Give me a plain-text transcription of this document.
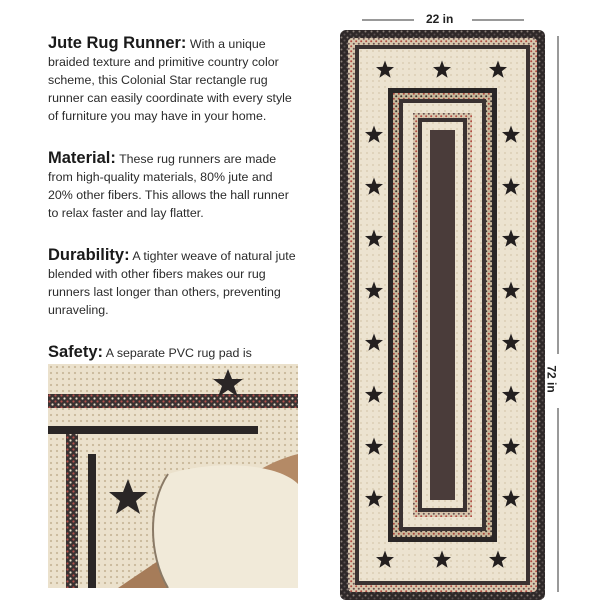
Jute Rug Runner: With a unique braided texture and primitive country color scheme, this Colonial Star rectangle rug runner can easily coordinate with every style of furniture you may have in your home.

Material: These rug runners are made from high-quality materials, 80% jute and 20% other fibers. This allows the hall runner to relax faster and lay flatter.

Durability: A tighter weave of natural jute blended with other fibers makes our rug runners last longer than others, preventing unraveling.

Safety: A separate PVC rug pad is

22 in
72 in
